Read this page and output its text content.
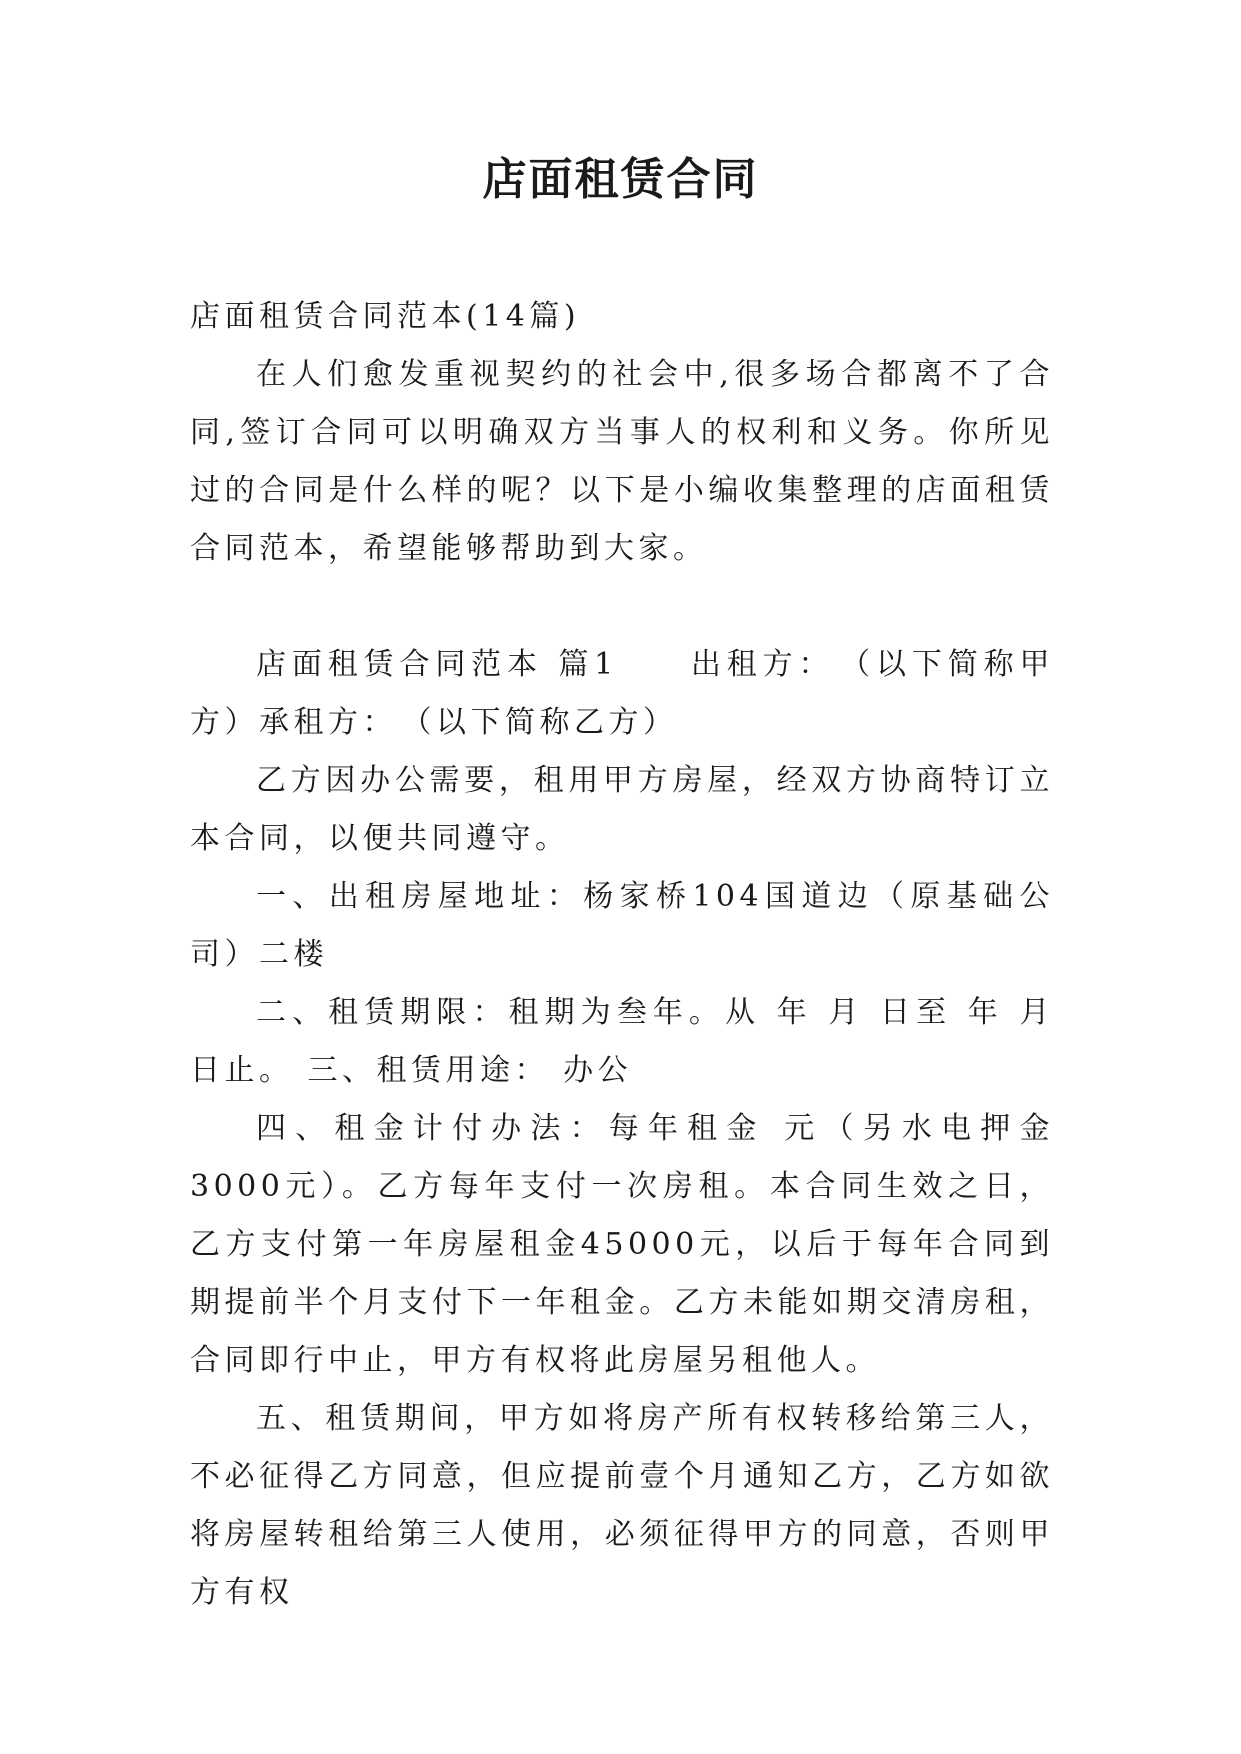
店面租赁合同

店面租赁合同范本(14篇)

在人们愈发重视契约的社会中,很多场合都离不了合同,签订合同可以明确双方当事人的权利和义务。你所见过的合同是什么样的呢？以下是小编收集整理的店面租赁合同范本，希望能够帮助到大家。

店面租赁合同范本 篇1　　出租方：　（以下简称甲方）承租方：　（以下简称乙方）

乙方因办公需要，租用甲方房屋，经双方协商特订立本合同，以便共同遵守。

一、出租房屋地址：杨家桥104国道边（原基础公司）二楼

二、租赁期限：租期为叁年。从 年 月 日至 年 月 日止。 三、租赁用途： 办公

四、租金计付办法：每年租金 元（另水电押金3000元）。乙方每年支付一次房租。本合同生效之日，乙方支付第一年房屋租金45000元，以后于每年合同到期提前半个月支付下一年租金。乙方未能如期交清房租，合同即行中止，甲方有权将此房屋另租他人。

五、租赁期间，甲方如将房产所有权转移给第三人，不必征得乙方同意，但应提前壹个月通知乙方，乙方如欲将房屋转租给第三人使用，必须征得甲方的同意，否则甲方有权
